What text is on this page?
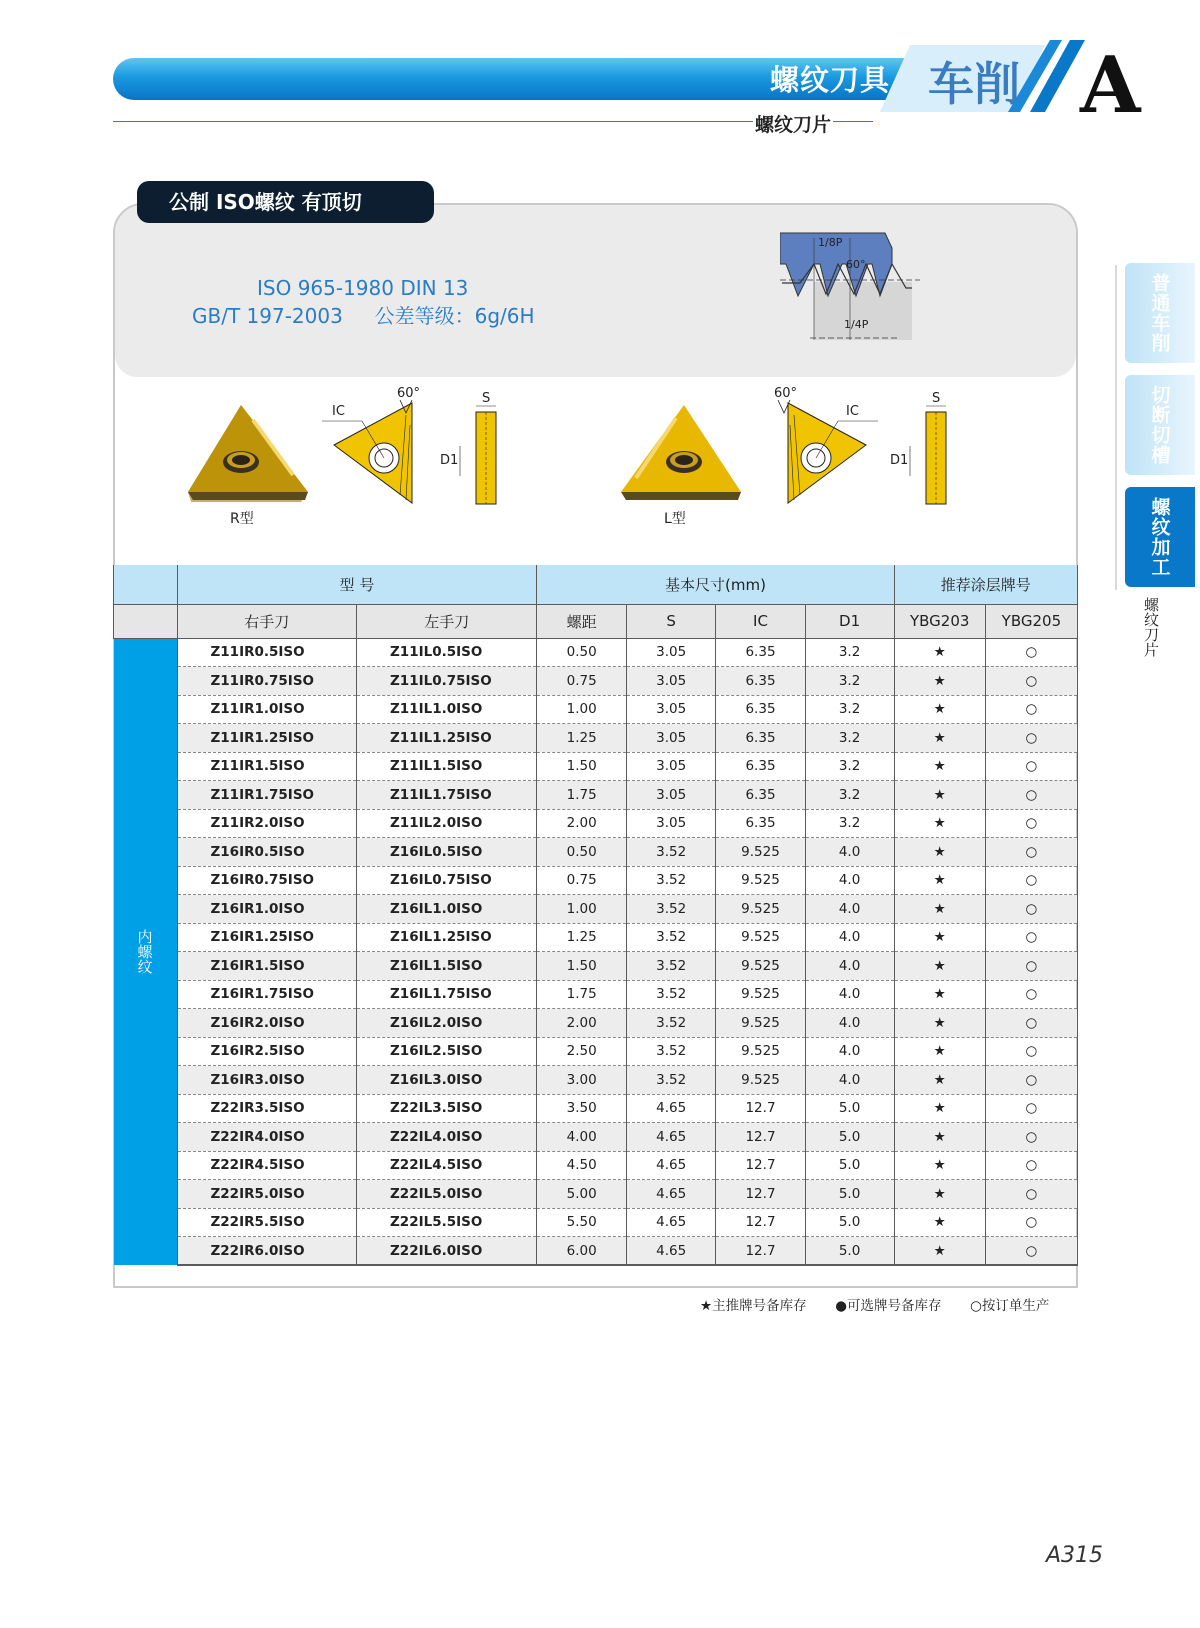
螺纹刀具
螺纹刀片
车削 A
普通车削
切断切槽
螺纹加工
螺纹刀片
公制 ISO螺纹 有顶切
ISO 965-1980 DIN 13
GB/T 197-2003     公差等级：6g/6H
1/8P
60°
1/4P
R型
IC
60°	S
D1
L型
IC
60°	S
D1
	型 号		基本尺寸(mm)				推荐涂层牌号	
	右手刀	左手刀	螺距	S	IC	D1	YBG203	YBG205
内螺纹	Z11IR0.5ISO	Z11IL0.5ISO	0.50	3.05	6.35	3.2	★	○
	Z11IR0.75ISO	Z11IL0.75ISO	0.75	3.05	6.35	3.2	★	○
	Z11IR1.0ISO	Z11IL1.0ISO	1.00	3.05	6.35	3.2	★	○
	Z11IR1.25ISO	Z11IL1.25ISO	1.25	3.05	6.35	3.2	★	○
	Z11IR1.5ISO	Z11IL1.5ISO	1.50	3.05	6.35	3.2	★	○
	Z11IR1.75ISO	Z11IL1.75ISO	1.75	3.05	6.35	3.2	★	○
	Z11IR2.0ISO	Z11IL2.0ISO	2.00	3.05	6.35	3.2	★	○
	Z16IR0.5ISO	Z16IL0.5ISO	0.50	3.52	9.525	4.0	★	○
	Z16IR0.75ISO	Z16IL0.75ISO	0.75	3.52	9.525	4.0	★	○
	Z16IR1.0ISO	Z16IL1.0ISO	1.00	3.52	9.525	4.0	★	○
	Z16IR1.25ISO	Z16IL1.25ISO	1.25	3.52	9.525	4.0	★	○
	Z16IR1.5ISO	Z16IL1.5ISO	1.50	3.52	9.525	4.0	★	○
	Z16IR1.75ISO	Z16IL1.75ISO	1.75	3.52	9.525	4.0	★	○
	Z16IR2.0ISO	Z16IL2.0ISO	2.00	3.52	9.525	4.0	★	○
	Z16IR2.5ISO	Z16IL2.5ISO	2.50	3.52	9.525	4.0	★	○
	Z16IR3.0ISO	Z16IL3.0ISO	3.00	3.52	9.525	4.0	★	○
	Z22IR3.5ISO	Z22IL3.5ISO	3.50	4.65	12.7	5.0	★	○
	Z22IR4.0ISO	Z22IL4.0ISO	4.00	4.65	12.7	5.0	★	○
	Z22IR4.5ISO	Z22IL4.5ISO	4.50	4.65	12.7	5.0	★	○
	Z22IR5.0ISO	Z22IL5.0ISO	5.00	4.65	12.7	5.0	★	○
	Z22IR5.5ISO	Z22IL5.5ISO	5.50	4.65	12.7	5.0	★	○
	Z22IR6.0ISO	Z22IL6.0ISO	6.00	4.65	12.7	5.0	★	○
★主推牌号备库存 ●可选牌号备库存 ○按订单生产
A315
